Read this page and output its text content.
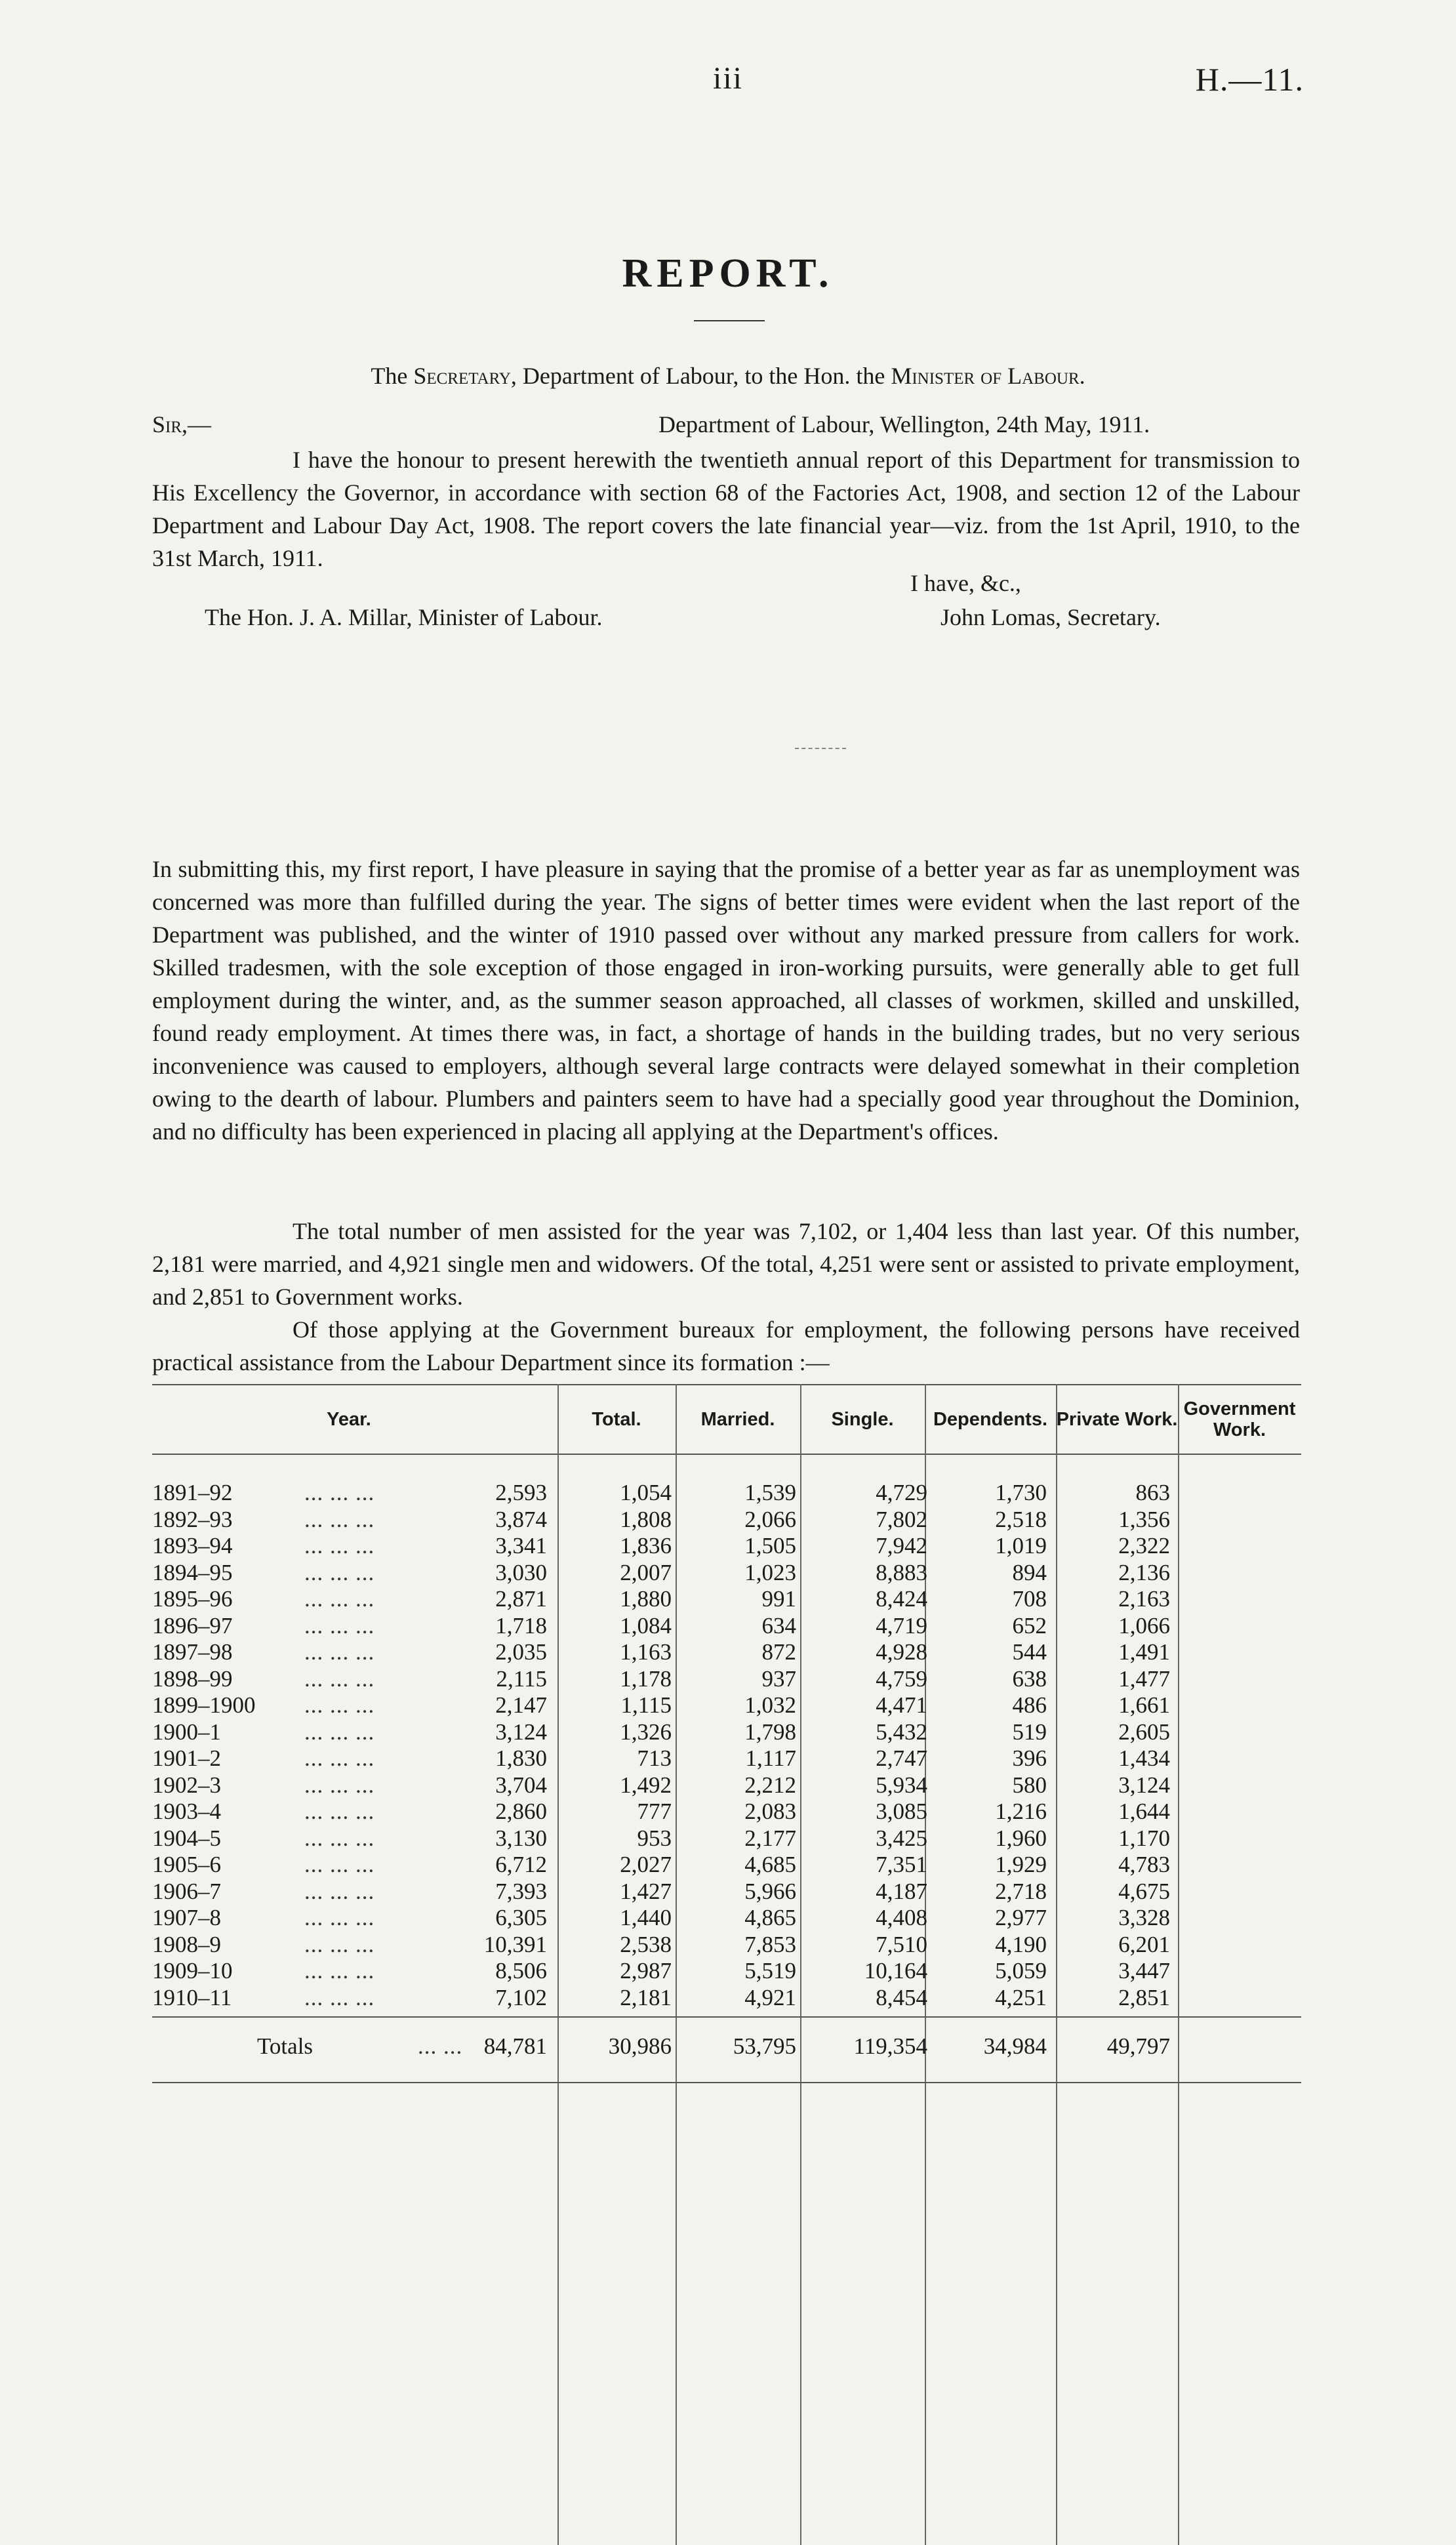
iii	H.—11.
REPORT.
The Secretary, Department of Labour, to the Hon. the Minister of Labour.
Sir,—	Department of Labour, Wellington, 24th May, 1911.
I have the honour to present herewith the twentieth annual report of this Department for transmission to His Excellency the Governor, in accordance with section 68 of the Factories Act, 1908, and section 12 of the Labour Department and Labour Day Act, 1908. The report covers the late financial year—viz. from the 1st April, 1910, to the 31st March, 1911.
I have, &c.,
The Hon. J. A. Millar, Minister of Labour.	John Lomas, Secretary.
In submitting this, my first report, I have pleasure in saying that the promise of a better year as far as unemployment was concerned was more than fulfilled during the year. The signs of better times were evident when the last report of the Department was published, and the winter of 1910 passed over without any marked pressure from callers for work. Skilled tradesmen, with the sole exception of those engaged in iron-working pursuits, were generally able to get full employment during the winter, and, as the summer season approached, all classes of workmen, skilled and unskilled, found ready employment. At times there was, in fact, a shortage of hands in the building trades, but no very serious inconvenience was caused to employers, although several large contracts were delayed somewhat in their completion owing to the dearth of labour. Plumbers and painters seem to have had a specially good year throughout the Dominion, and no difficulty has been experienced in placing all applying at the Department's offices.
The total number of men assisted for the year was 7,102, or 1,404 less than last year. Of this number, 2,181 were married, and 4,921 single men and widowers. Of the total, 4,251 were sent or assisted to private employment, and 2,851 to Government works.
Of those applying at the Government bureaux for employment, the following persons have received practical assistance from the Labour Department since its formation :—
Year.	Total.	Married.	Single.	Dependents. Private Work. Government Work.
1891–92	... ... ...	2,593	1,054	1,539	4,729	1,730	863
1892–93	... ... ...	3,874	1,808	2,066	7,802	2,518	1,356
1893–94	... ... ...	3,341	1,836	1,505	7,942	1,019	2,322
1894–95	... ... ...	3,030	2,007	1,023	8,883	894	2,136
1895–96	... ... ...	2,871	1,880	991	8,424	708	2,163
1896–97	... ... ...	1,718	1,084	634	4,719	652	1,066
1897–98	... ... ...	2,035	1,163	872	4,928	544	1,491
1898–99	... ... ...	2,115	1,178	937	4,759	638	1,477
1899–1900	... ... ...	2,147	1,115	1,032	4,471	486	1,661
1900–1	... ... ...	3,124	1,326	1,798	5,432	519	2,605
1901–2	... ... ...	1,830	713	1,117	2,747	396	1,434
1902–3	... ... ...	3,704	1,492	2,212	5,934	580	3,124
1903–4	... ... ...	2,860	777	2,083	3,085	1,216	1,644
1904–5	... ... ...	3,130	953	2,177	3,425	1,960	1,170
1905–6	... ... ...	6,712	2,027	4,685	7,351	1,929	4,783
1906–7	... ... ...	7,393	1,427	5,966	4,187	2,718	4,675
1907–8	... ... ...	6,305	1,440	4,865	4,408	2,977	3,328
1908–9	... ... ...	10,391	2,538	7,853	7,510	4,190	6,201
1909–10	... ... ...	8,506	2,987	5,519	10,164	5,059	3,447
1910–11	... ... ...	7,102	2,181	4,921	8,454	4,251	2,851
Totals	... ... 84,781	30,986	53,795	119,354 34,984	49,797
